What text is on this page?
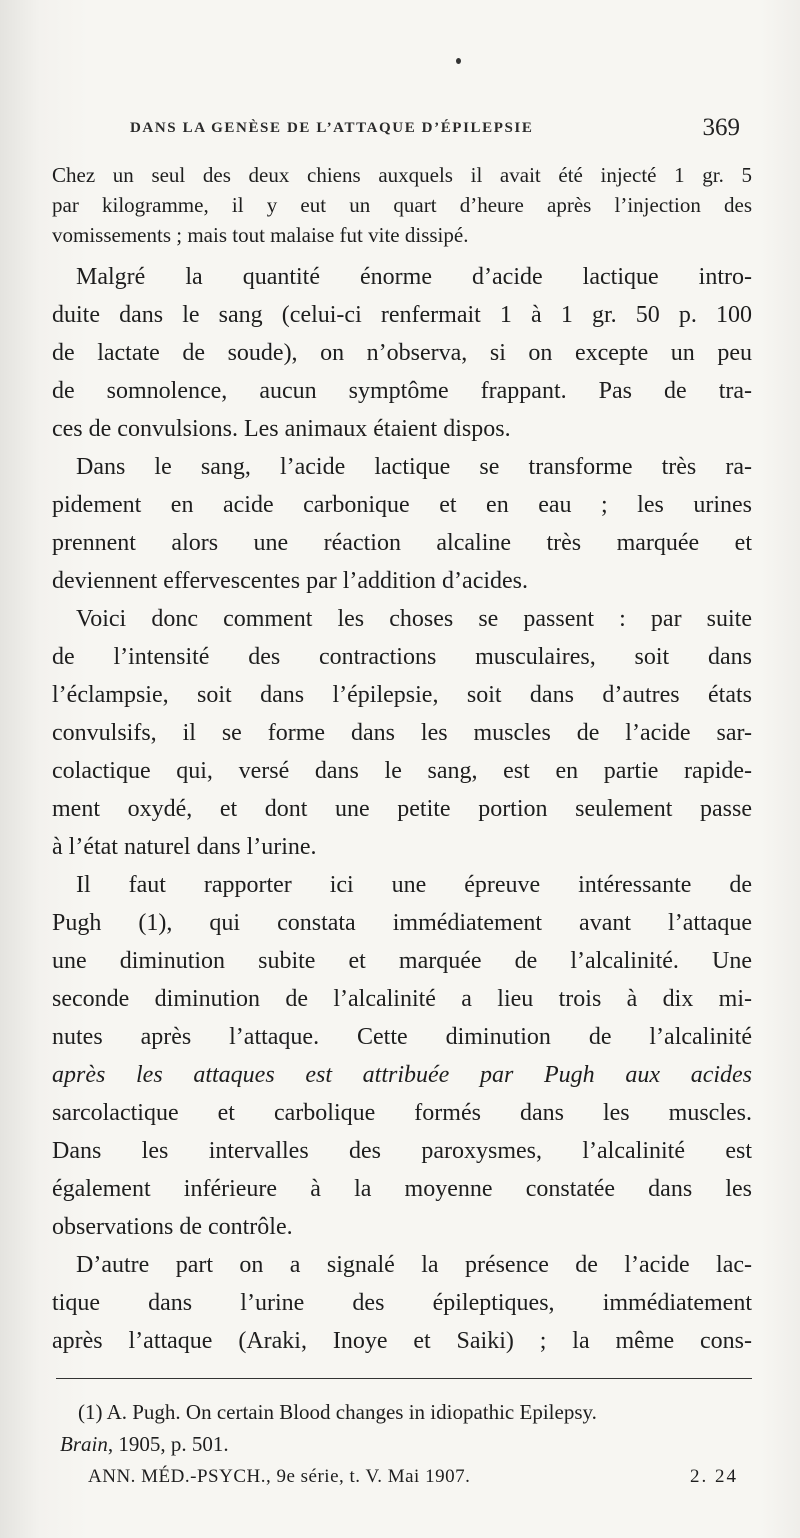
DANS LA GENÈSE DE L’ATTAQUE D’ÉPILEPSIE	369
Chez un seul des deux chiens auxquels il avait été injecté 1 gr. 5
par kilogramme, il y eut un quart d’heure après l’injection des
vomissements ; mais tout malaise fut vite dissipé.
Malgré la quantité énorme d’acide lactique intro-
duite dans le sang (celui-ci renfermait 1 à 1 gr. 50 p. 100
de lactate de soude), on n’observa, si on excepte un peu
de somnolence, aucun symptôme frappant. Pas de tra-
ces de convulsions. Les animaux étaient dispos.
Dans le sang, l’acide lactique se transforme très ra-
pidement en acide carbonique et en eau ; les urines
prennent alors une réaction alcaline très marquée et
deviennent effervescentes par l’addition d’acides.
Voici donc comment les choses se passent : par suite
de l’intensité des contractions musculaires, soit dans
l’éclampsie, soit dans l’épilepsie, soit dans d’autres états
convulsifs, il se forme dans les muscles de l’acide sar-
colactique qui, versé dans le sang, est en partie rapide-
ment oxydé, et dont une petite portion seulement passe
à l’état naturel dans l’urine.
Il faut rapporter ici une épreuve intéressante de
Pugh (1), qui constata immédiatement avant l’attaque
une diminution subite et marquée de l’alcalinité. Une
seconde diminution de l’alcalinité a lieu trois à dix mi-
nutes après l’attaque. Cette diminution de l’alcalinité
après les attaques est attribuée par Pugh aux acides
sarcolactique et carbolique formés dans les muscles.
Dans les intervalles des paroxysmes, l’alcalinité est
également inférieure à la moyenne constatée dans les
observations de contrôle.
D’autre part on a signalé la présence de l’acide lac-
tique dans l’urine des épileptiques, immédiatement
après l’attaque (Araki, Inoye et Saiki) ; la même cons-
(1) A. Pugh. On certain Blood changes in idiopathic Epilepsy.
Brain, 1905, p. 501.
ANN. MÉD.-PSYCH., 9e série, t. V. Mai 1907.	2. 24
